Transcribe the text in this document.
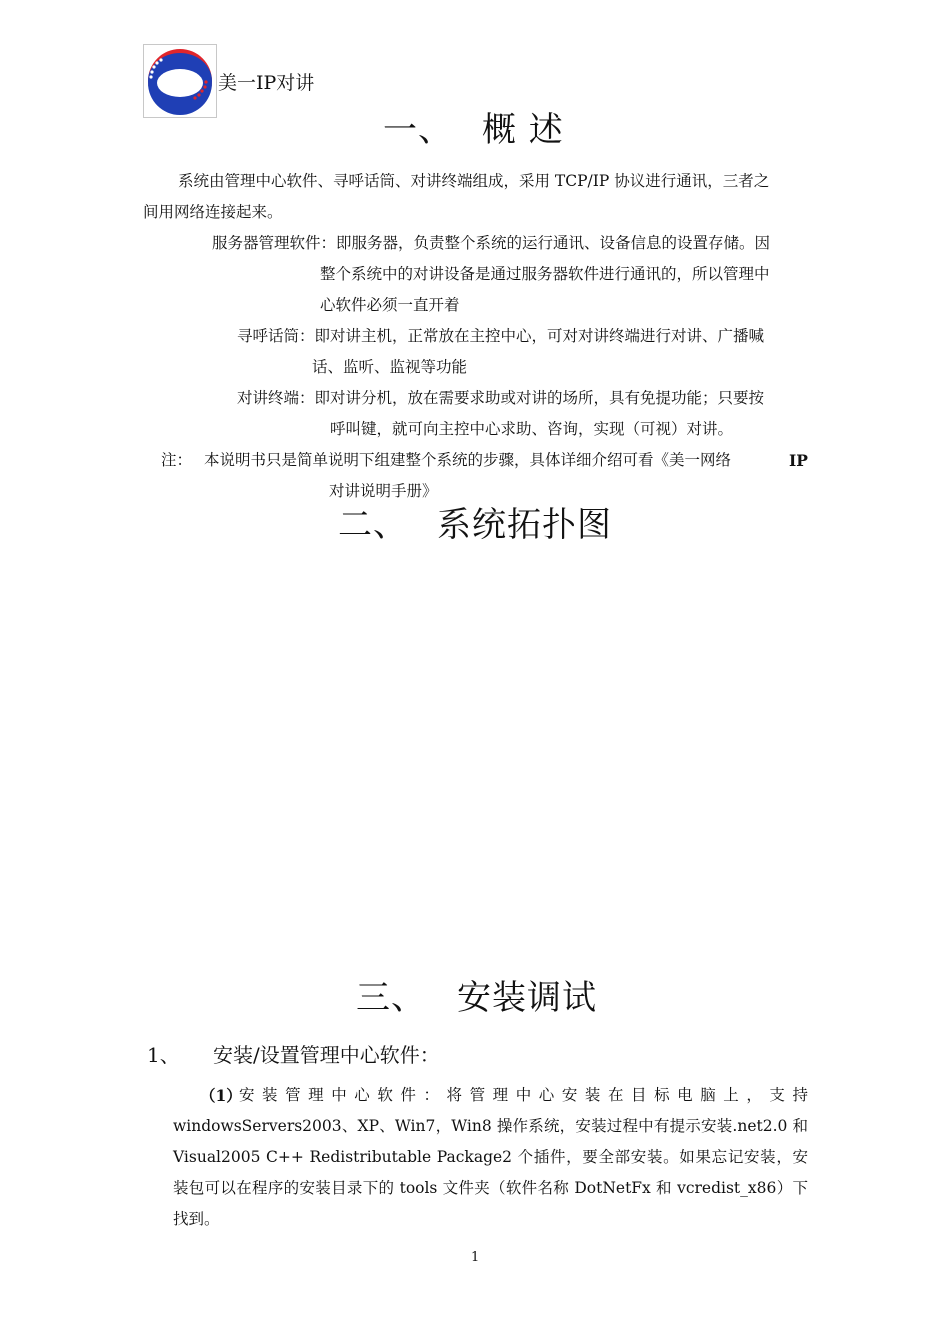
美一IP对讲
一、 概 述
系统由管理中心软件、寻呼话筒、对讲终端组成，采用 TCP/IP 协议进行通讯，三者之
间用网络连接起来。
服务器管理软件：即服务器，负责整个系统的运行通讯、设备信息的设置存储。因
整个系统中的对讲设备是通过服务器软件进行通讯的，所以管理中
心软件必须一直开着
寻呼话筒：即对讲主机，正常放在主控中心，可对对讲终端进行对讲、广播喊
话、监听、监视等功能
对讲终端：即对讲分机，放在需要求助或对讲的场所，具有免提功能；只要按
呼叫键，就可向主控中心求助、咨询，实现（可视）对讲。
注： 本说明书只是简单说明下组建整个系统的步骤，具体详细介绍可看《美一网络	IP
对讲说明手册》
二、 系统拓扑图
三、 安装调试
1、 安装/设置管理中心软件：
（1）
安装管理中心软件：将管理中心安装在目标电脑上，支持 windowsServers2003、XP、Win7，Win8 操作系统，安装过程中有提示安装.net2.0 和 Visual2005 C++ Redistributable Package2 个插件，要全部安装。如果忘记安装，安装包可以在程序的安装目录下的 tools 文件夹（软件名称 DotNetFx 和 vcredist_x86）下找到。
1
